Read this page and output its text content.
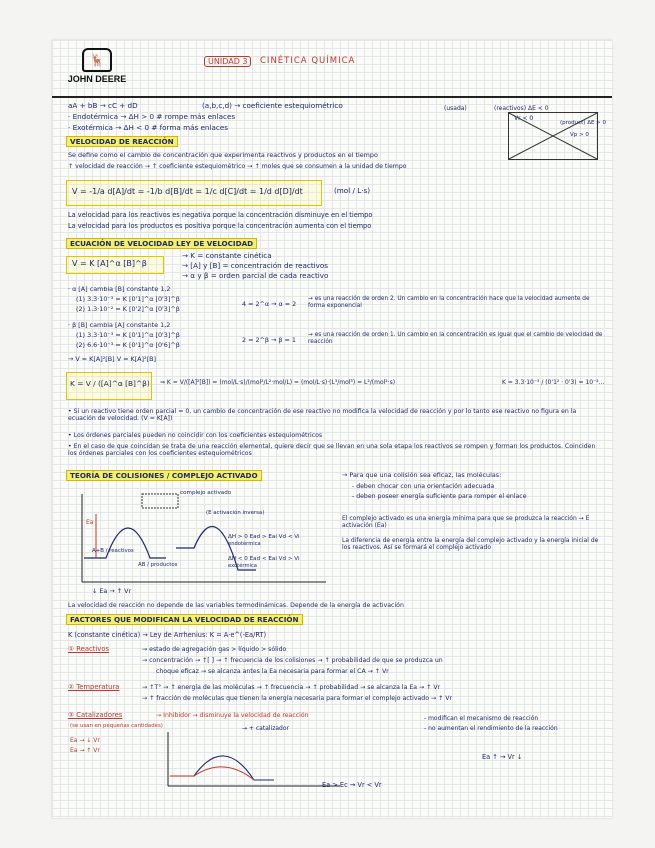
🦌
JOHN DEERE
UNIDAD 3	CINÉTICA QUÍMICA
aA + bB → cC + dD	(a,b,c,d) → coeficiente estequiométrico
· Endotérmica → ΔH > 0 # rompe más enlaces
· Exotérmica → ΔH < 0 # forma más enlaces
(usada)	(reactivos) ΔE < 0
Vr < 0
(product) ΔE > 0
Vp > 0
VELOCIDAD DE REACCIÓN
Se define como el cambio de concentración que experimenta reactivos y productos en el tiempo
↑ velocidad de reacción → ↑ coeficiente estequiométrico → ↑ moles que se consumen a la unidad de tiempo
V = -1/a d[A]/dt = -1/b d[B]/dt = 1/c d[C]/dt = 1/d d[D]/dt	(mol / L·s)
La velocidad para los reactivos es negativa porque la concentración disminuye en el tiempo
La velocidad para los productos es positiva porque la concentración aumenta con el tiempo
ECUACIÓN DE VELOCIDAD LEY DE VELOCIDAD
V = K [A]^α [B]^β
→ K = constante cinética
→ [A] y [B] = concentración de reactivos
→ α y β = orden parcial de cada reactivo
· α [A] cambia [B] constante 1,2
(1) 3.3·10⁻³ = K [0'1]^α [0'3]^β
(2) 1.3·10⁻² = K [0'2]^α [0'3]^β
4 = 2^α → α = 2
→ es una reacción de orden 2. Un cambio en la concentración hace que la velocidad aumente de forma exponencial
· β [B] cambia [A] constante 1,2
(1) 3.3·10⁻³ = K [0'1]^α [0'3]^β
(2) 6.6·10⁻³ = K [0'1]^α [0'6]^β
2 = 2^β → β = 1
→ es una reacción de orden 1. Un cambio en la concentración es igual que el cambio de velocidad de reacción
→ V = K[A]²[B] V = K[A]²[B]
K = V / ([A]^α [B]^β) ⇒ K = V/([A]²[B]) = (mol/L·s)/(mol²/L²·mol/L) = (mol/L·s)·(L³/mol³) = L²/(mol²·s)	K = 3.3·10⁻³ / (0'1² · 0'3) = 10⁻²...
• Si un reactivo tiene orden parcial = 0, un cambio de concentración de ese reactivo no modifica la velocidad de reacción y por lo tanto ese reactivo no figura en la ecuación de velocidad. (V = K[A])
• Los órdenes parciales pueden no coincidir con los coeficientes estequiométricos
• En el caso de que coincidan se trata de una reacción elemental, quiere decir que se llevan en una sola etapa los reactivos se rompen y forman los productos. Coinciden los órdenes parciales con los coeficientes estequiométricos
TEORÍA DE COLISIONES / COMPLEJO ACTIVADO	→ Para que una colisión sea eficaz, las moléculas:
- deben chocar con una orientación adecuada
- deben poseer energía suficiente para romper el enlace
complejo activado
Ea
A+B / reactivos
AB / productos
(E activación inversa)
ΔH > 0 Ead > Eai Vd < Vi
endotérmica
ΔH < 0 Ead < Eai Vd > Vi
exotérmica
↓ Ea → ↑ Vr
El complejo activado es una energía mínima para que se produzca la reacción → E activación (Ea)
La diferencia de energía entre la energía del complejo activado y la energía inicial de los reactivos. Así se formará el complejo activado
La velocidad de reacción no depende de las variables termodinámicas. Depende de la energía de activación
FACTORES QUE MODIFICAN LA VELOCIDAD DE REACCIÓN
K (constante cinética) → Ley de Arrhenius: K = A·e^(-Ea/RT)
① Reactivos	→ estado de agregación gas > líquido > sólido
→ concentración → ↑[ ] → ↑ frecuencia de los colisiones → ↑ probabilidad de que se produzca un
choque eficaz → se alcanza antes la Ea necesaria para formar el CA → ↑ Vr
② Temperatura	→ ↑T° → ↑ energía de las moléculas → ↑ frecuencia → ↑ probabilidad → se alcanza la Ea → ↑ Vr
→ ↑ fracción de moléculas que tienen la energía necesaria para formar el complejo activado → ↑ Vr
③ Catalizadores
(se usan en pequeñas cantidades)
→ Inhibidor → disminuye la velocidad de reacción
→ + catalizador
- modifican el mecanismo de reacción
- no aumentan el rendimiento de la reacción
Ea → ↓ Vr
Ea → ↑ Vr
Ea > Ec → Vr < Vr
Ea ↑ → Vr ↓
